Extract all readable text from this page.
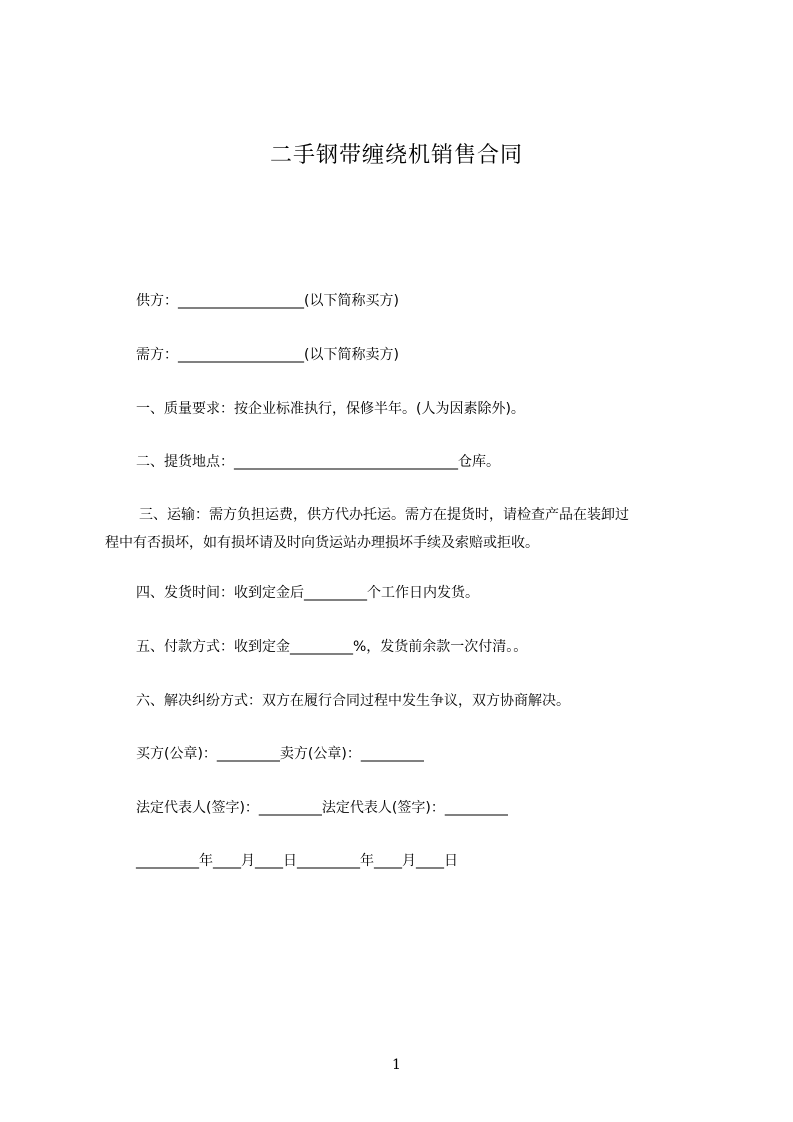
二手钢带缠绕机销售合同
供方：__________________(以下简称买方)
需方：__________________(以下简称卖方)
一、质量要求：按企业标准执行，保修半年。(人为因素除外)。
二、提货地点：________________________________仓库。
三、运输：需方负担运费，供方代办托运。需方在提货时，请检查产品在装卸过
程中有否损坏，如有损坏请及时向货运站办理损坏手续及索赔或拒收。
四、发货时间：收到定金后_________个工作日内发货。
五、付款方式：收到定金_________%，发货前余款一次付清。。
六、解决纠纷方式：双方在履行合同过程中发生争议，双方协商解决。
买方(公章)：_________卖方(公章)：_________
法定代表人(签字)：_________法定代表人(签字)：_________
_________年____月____日_________年____月____日
1
